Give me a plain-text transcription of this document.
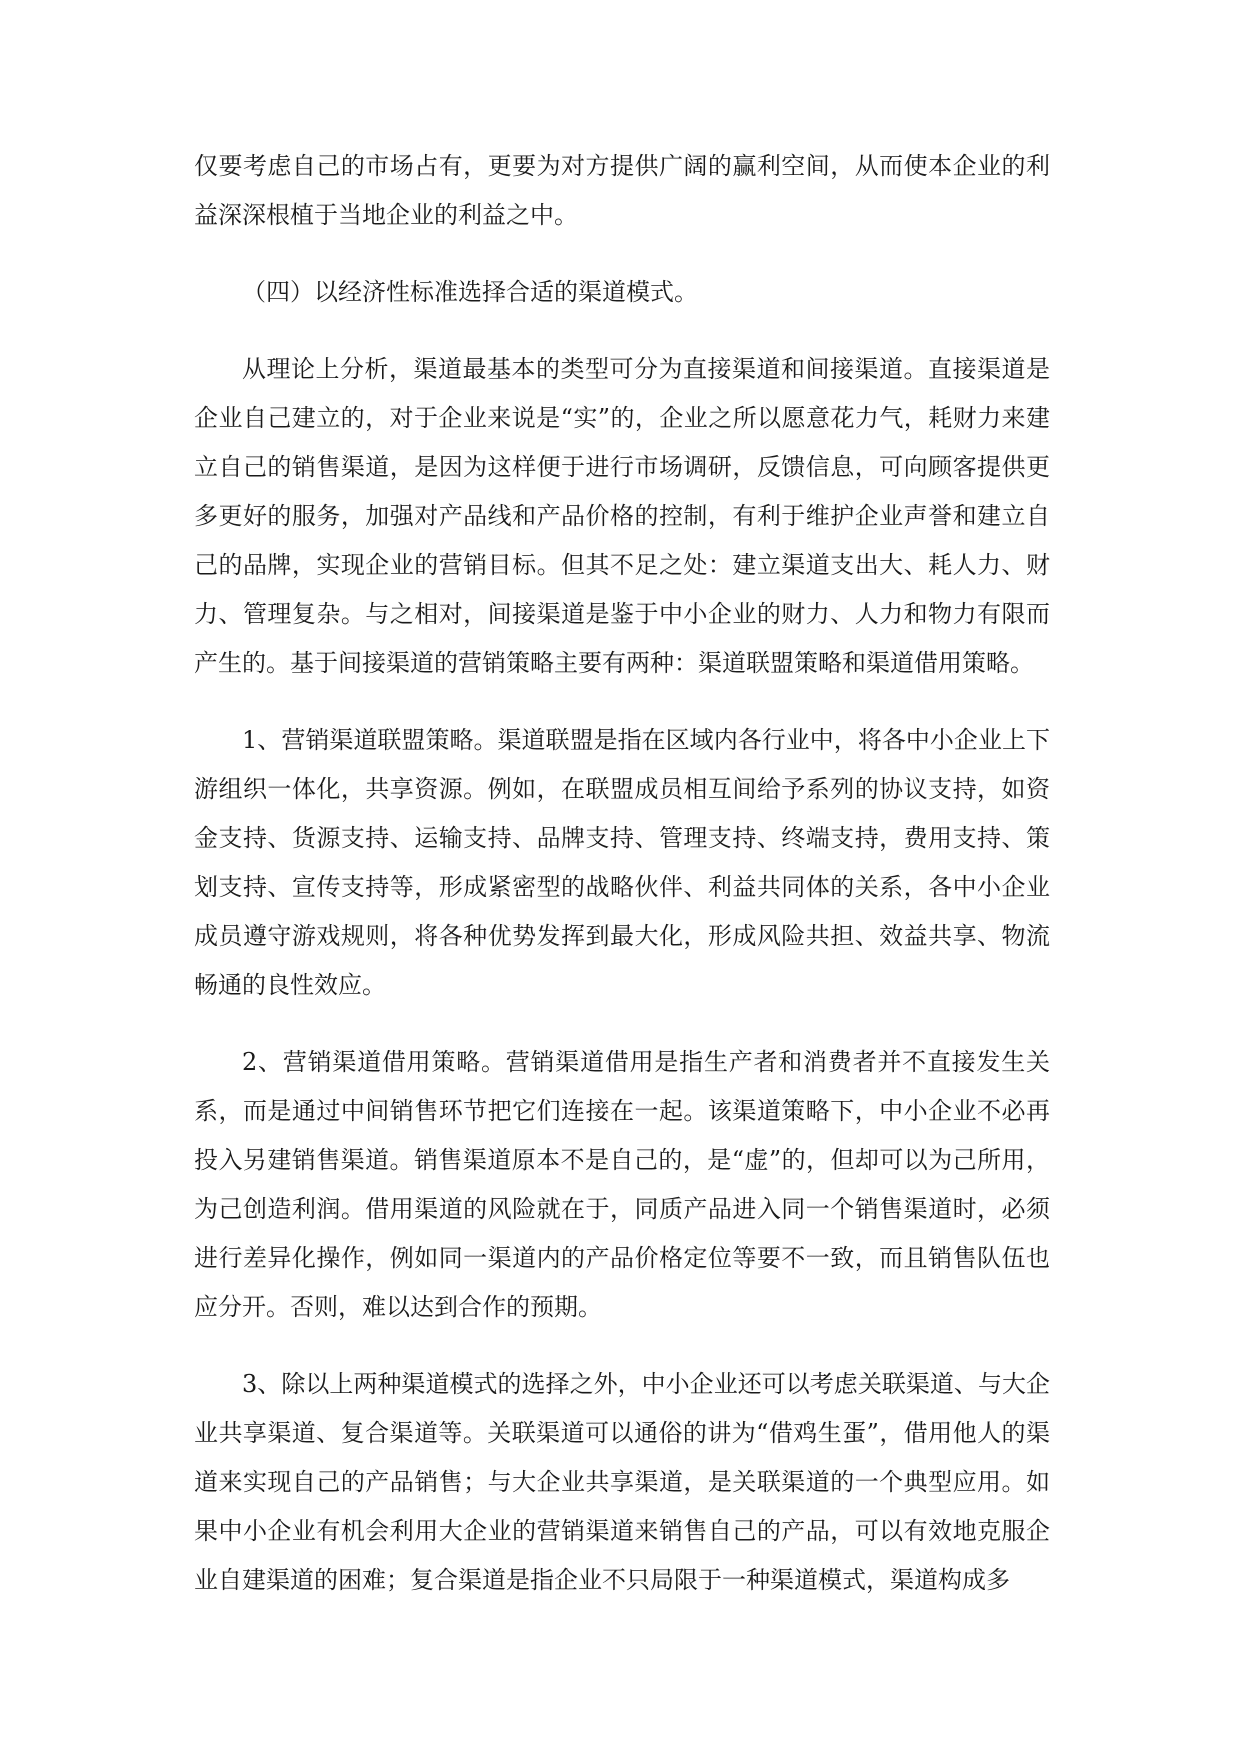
仅要考虑自己的市场占有，更要为对方提供广阔的赢利空间，从而使本企业的利益深深根植于当地企业的利益之中。

（四）以经济性标准选择合适的渠道模式。

从理论上分析，渠道最基本的类型可分为直接渠道和间接渠道。直接渠道是企业自己建立的，对于企业来说是“实”的，企业之所以愿意花力气，耗财力来建立自己的销售渠道，是因为这样便于进行市场调研，反馈信息，可向顾客提供更多更好的服务，加强对产品线和产品价格的控制，有利于维护企业声誉和建立自己的品牌，实现企业的营销目标。但其不足之处：建立渠道支出大、耗人力、财力、管理复杂。与之相对，间接渠道是鉴于中小企业的财力、人力和物力有限而产生的。基于间接渠道的营销策略主要有两种：渠道联盟策略和渠道借用策略。

1、营销渠道联盟策略。渠道联盟是指在区域内各行业中，将各中小企业上下游组织一体化，共享资源。例如，在联盟成员相互间给予系列的协议支持，如资金支持、货源支持、运输支持、品牌支持、管理支持、终端支持，费用支持、策划支持、宣传支持等，形成紧密型的战略伙伴、利益共同体的关系，各中小企业成员遵守游戏规则，将各种优势发挥到最大化，形成风险共担、效益共享、物流畅通的良性效应。

2、营销渠道借用策略。营销渠道借用是指生产者和消费者并不直接发生关系，而是通过中间销售环节把它们连接在一起。该渠道策略下，中小企业不必再投入另建销售渠道。销售渠道原本不是自己的，是“虚”的，但却可以为己所用，为己创造利润。借用渠道的风险就在于，同质产品进入同一个销售渠道时，必须进行差异化操作，例如同一渠道内的产品价格定位等要不一致，而且销售队伍也应分开。否则，难以达到合作的预期。

3、除以上两种渠道模式的选择之外，中小企业还可以考虑关联渠道、与大企业共享渠道、复合渠道等。关联渠道可以通俗的讲为“借鸡生蛋”，借用他人的渠道来实现自己的产品销售；与大企业共享渠道，是关联渠道的一个典型应用。如果中小企业有机会利用大企业的营销渠道来销售自己的产品，可以有效地克服企业自建渠道的困难；复合渠道是指企业不只局限于一种渠道模式，渠道构成多
